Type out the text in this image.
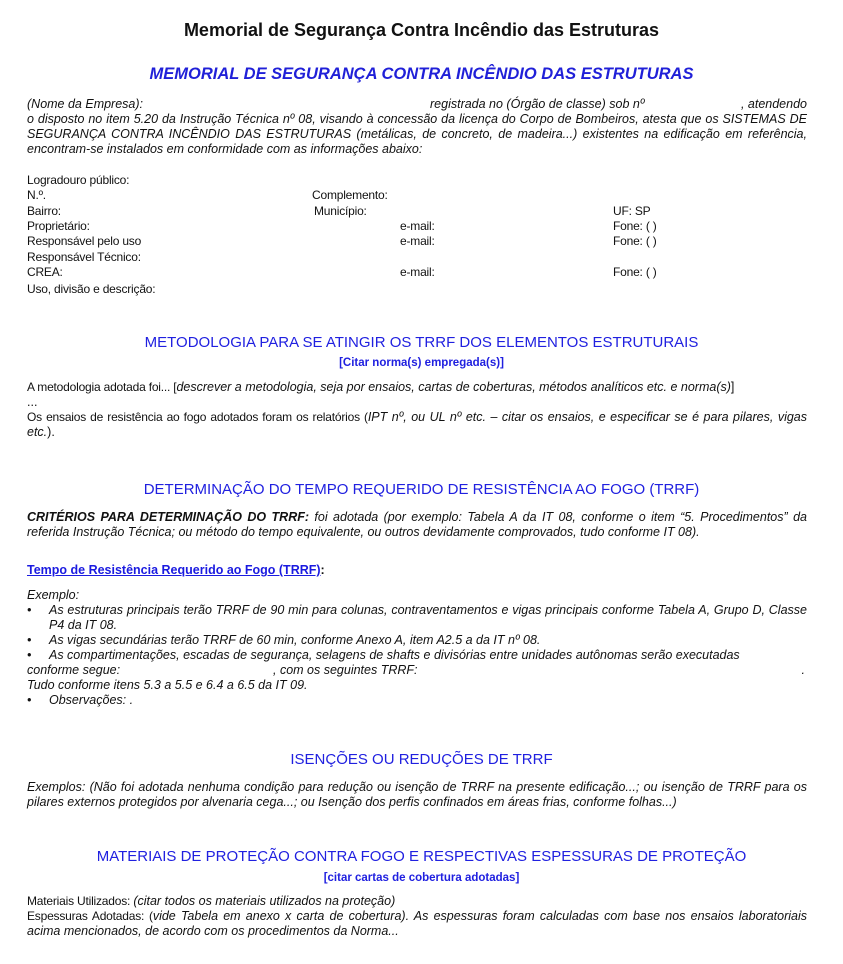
Memorial de Segurança Contra Incêndio das Estruturas
MEMORIAL DE SEGURANÇA CONTRA INCÊNDIO DAS ESTRUTURAS
(Nome da Empresa):	registrada no (Órgão de classe) sob nº	, atendendo
o disposto no item 5.20 da Instrução Técnica nº 08, visando à concessão da licença do Corpo de Bombeiros, atesta que os SISTEMAS DE SEGURANÇA CONTRA INCÊNDIO DAS ESTRUTURAS (metálicas, de concreto, de madeira...) existentes na edificação em referência, encontram-se instalados em conformidade com as informações abaixo:
Logradouro público:
N.º.	Complemento:
Bairro:	Município:	UF: SP
Proprietário:	e-mail:	Fone: ( )
Responsável pelo uso	e-mail:	Fone: ( )
Responsável Técnico:
CREA:	e-mail:	Fone: ( )
Uso, divisão e descrição:
METODOLOGIA PARA SE ATINGIR OS TRRF DOS ELEMENTOS ESTRUTURAIS
[Citar norma(s) empregada(s)]
A metodologia adotada foi... [descrever a metodologia, seja por ensaios, cartas de coberturas, métodos analíticos etc. e norma(s)]
...
Os ensaios de resistência ao fogo adotados foram os relatórios (IPT nº, ou UL nº etc. – citar os ensaios, e especificar se é para pilares, vigas etc.).
DETERMINAÇÃO DO TEMPO REQUERIDO DE RESISTÊNCIA AO FOGO (TRRF)
CRITÉRIOS PARA DETERMINAÇÃO DO TRRF: foi adotada (por exemplo: Tabela A da IT 08, conforme o item “5. Procedimentos” da referida Instrução Técnica; ou método do tempo equivalente, ou outros devidamente comprovados, tudo conforme IT 08).
Tempo de Resistência Requerido ao Fogo (TRRF):
Exemplo:
•	As estruturas principais terão TRRF de 90 min para colunas, contraventamentos e vigas principais conforme Tabela A, Grupo D, Classe P4 da IT 08.
•	As vigas secundárias terão TRRF de 60 min, conforme Anexo A, item A2.5 a da IT nº 08.
•	As compartimentações, escadas de segurança, selagens de shafts e divisórias entre unidades autônomas serão executadas
conforme segue:	, com os seguintes TRRF:	.
Tudo conforme itens 5.3 a 5.5 e 6.4 a 6.5 da IT 09.
•	Observações: .
ISENÇÕES OU REDUÇÕES DE TRRF
Exemplos: (Não foi adotada nenhuma condição para redução ou isenção de TRRF na presente edificação...; ou isenção de TRRF para os pilares externos protegidos por alvenaria cega...; ou Isenção dos perfis confinados em áreas frias, conforme folhas...)
MATERIAIS DE PROTEÇÃO CONTRA FOGO E RESPECTIVAS ESPESSURAS DE PROTEÇÃO
[citar cartas de cobertura adotadas]
Materiais Utilizados: (citar todos os materiais utilizados na proteção)
Espessuras Adotadas: (vide Tabela em anexo x carta de cobertura). As espessuras foram calculadas com base nos ensaios laboratoriais acima mencionados, de acordo com os procedimentos da Norma...
